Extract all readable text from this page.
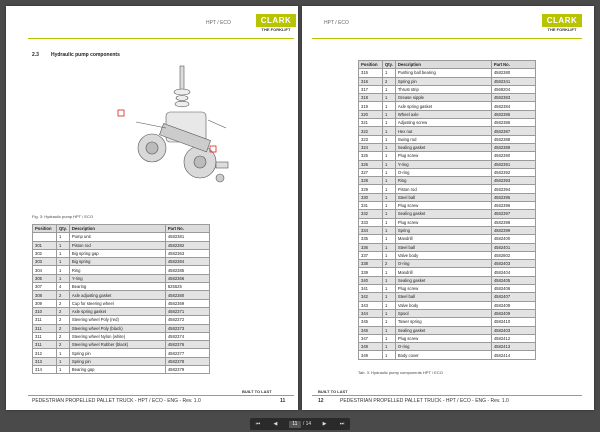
CLARK
THE FORKLIFT
HPT / ECO
2.3 Hydraulic pump components
Fig. 3: Hydraulic pump HPT / ECO
Position	Qty.	Description	Part No.
	1	Pump unit	4582381
301	1	Piston rod	4582382
302	1	Big spring gap	4582363
303	1	Big spring	4582384
304	1	Ring	4582385
305	1	Y-ring	4582366
307	4	Bearing	825525
308	2	Axle adjusting gasket	4582380
309	2	Cup for steering wheel	4582369
310	2	Axle spring gasket	4582371
311	2	Steering wheel Poly (red)	4582372
311	2	Steering wheel Poly (black)	4582373
311	2	Steering wheel Nylon (white)	4582374
311	2	Steering wheel Rubber (black)	4582376
312	1	Spring pin	4582377
313	1	Spring pin	4582378
314	1	Bearing gap	4582379
BUILT TO LAST
PEDESTRIAN PROPELLED PALLET TRUCK - HPT / ECO - ENG - Rev. 1.0	11
CLARK
THE FORKLIFT
HPT / ECO
Position	Qty.	Description	Part No.
315	1	Pushing ball bearing	4582380
316	2	Spring pin	4582341
317	1	Thrust strip	4569204
318	1	Grease nipple	4582383
319	1	Axle spring gasket	4582384
320	1	Wheel axle	4582385
321	1	Adjusting screw	4582386
322	1	Hex nut	4582387
323	1	Swing rod	4582388
324	1	Sealing gasket	4582389
325	1	Plug screw	4582390
326	1	Y-ring	4582391
327	1	O-ring	4582392
328	1	Ring	4582393
329	1	Piston rod	4582394
330	1	Steel ball	4582395
331	1	Plug screw	4582396
332	1	Sealing gasket	4582397
333	1	Plug screw	4582398
334	1	Spring	4582399
335	1	Mandrill	4582400
336	1	Steel ball	4582401
337	1	Valve body	4582802
338	2	O-ring	4582403
339	1	Mandrill	4582404
340	1	Sealing gasket	4582405
341	1	Plug screw	4582406
342	1	Steel ball	4582407
343	1	Valve body	4582408
344	1	Spool	4582409
345	1	Tower spring	4582410
346	1	Sealing gasket	4582403
347	1	Plug screw	4582412
348	1	O-ring	4582413
349	1	Body cover	4582414
Tab. 3: Hydraulic pump components HPT / ECO
BUILT TO LAST
12	PEDESTRIAN PROPELLED PALLET TRUCK - HPT / ECO - ENG - Rev. 1.0
⏮	◀
11	/ 14	▶	⏭
